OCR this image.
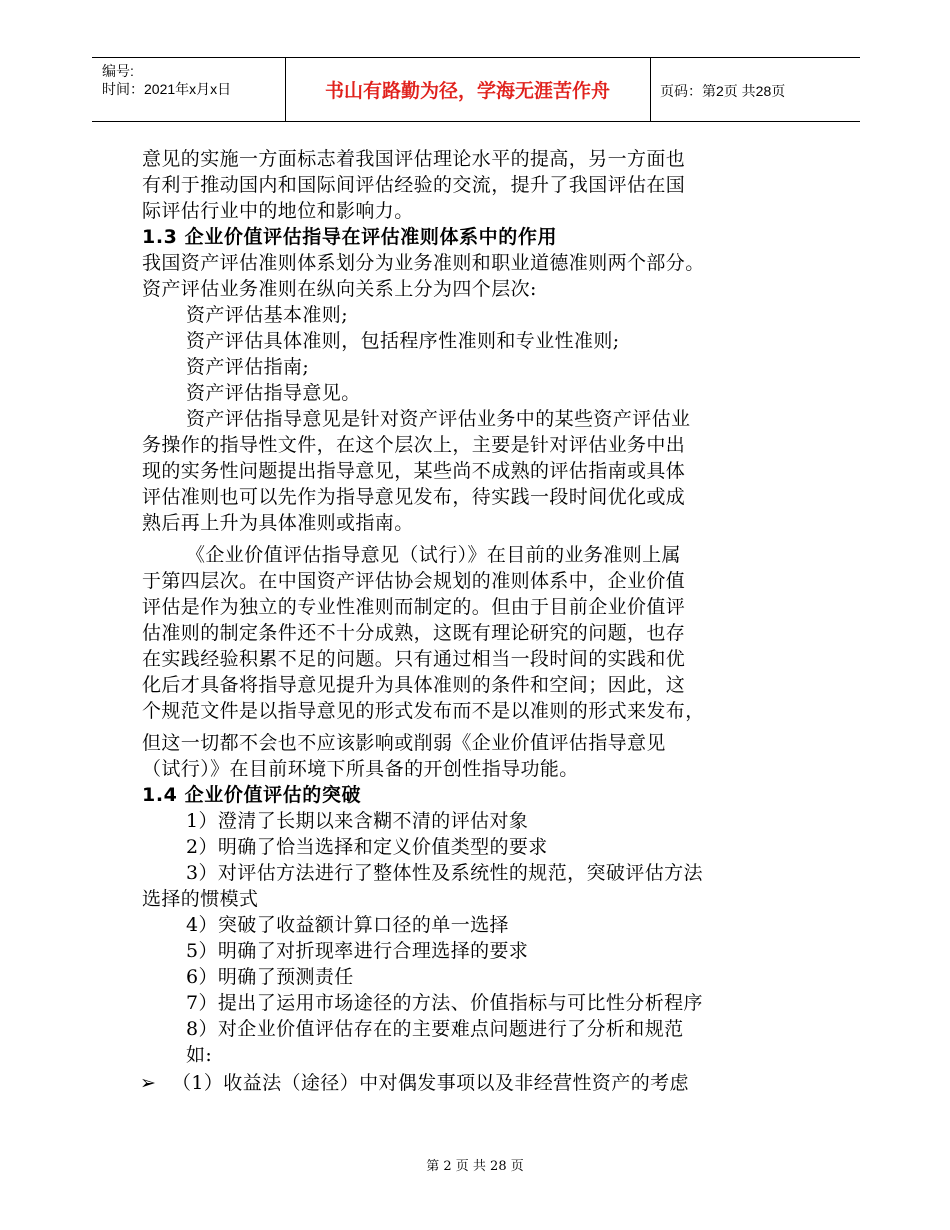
编号:
时间：2021年x月x日	书山有路勤为径，学海无涯苦作舟	页码：第2页 共28页
意见的实施一方面标志着我国评估理论水平的提高，另一方面也
有利于推动国内和国际间评估经验的交流，提升了我国评估在国
际评估行业中的地位和影响力。
1.3 企业价值评估指导在评估准则体系中的作用
我国资产评估准则体系划分为业务准则和职业道德准则两个部分。
资产评估业务准则在纵向关系上分为四个层次:
资产评估基本准则;
资产评估具体准则，包括程序性准则和专业性准则;
资产评估指南;
资产评估指导意见。
资产评估指导意见是针对资产评估业务中的某些资产评估业
务操作的指导性文件，在这个层次上，主要是针对评估业务中出
现的实务性问题提出指导意见，某些尚不成熟的评估指南或具体
评估准则也可以先作为指导意见发布，待实践一段时间优化或成
熟后再上升为具体准则或指南。
《企业价值评估指导意见（试行）》在目前的业务准则上属
于第四层次。在中国资产评估协会规划的准则体系中，企业价值
评估是作为独立的专业性准则而制定的。但由于目前企业价值评
估准则的制定条件还不十分成熟，这既有理论研究的问题，也存
在实践经验积累不足的问题。只有通过相当一段时间的实践和优
化后才具备将指导意见提升为具体准则的条件和空间；因此，这
个规范文件是以指导意见的形式发布而不是以准则的形式来发布，
但这一切都不会也不应该影响或削弱《企业价值评估指导意见
（试行）》在目前环境下所具备的开创性指导功能。
1.4 企业价值评估的突破
1）澄清了长期以来含糊不清的评估对象
2）明确了恰当选择和定义价值类型的要求
3）对评估方法进行了整体性及系统性的规范，突破评估方法
选择的惯模式
4）突破了收益额计算口径的单一选择
5）明确了对折现率进行合理选择的要求
6）明确了预测责任
7）提出了运用市场途径的方法、价值指标与可比性分析程序
8）对企业价值评估存在的主要难点问题进行了分析和规范
如:
➢ （1）收益法（途径）中对偶发事项以及非经营性资产的考虑
第 2 页 共 28 页
